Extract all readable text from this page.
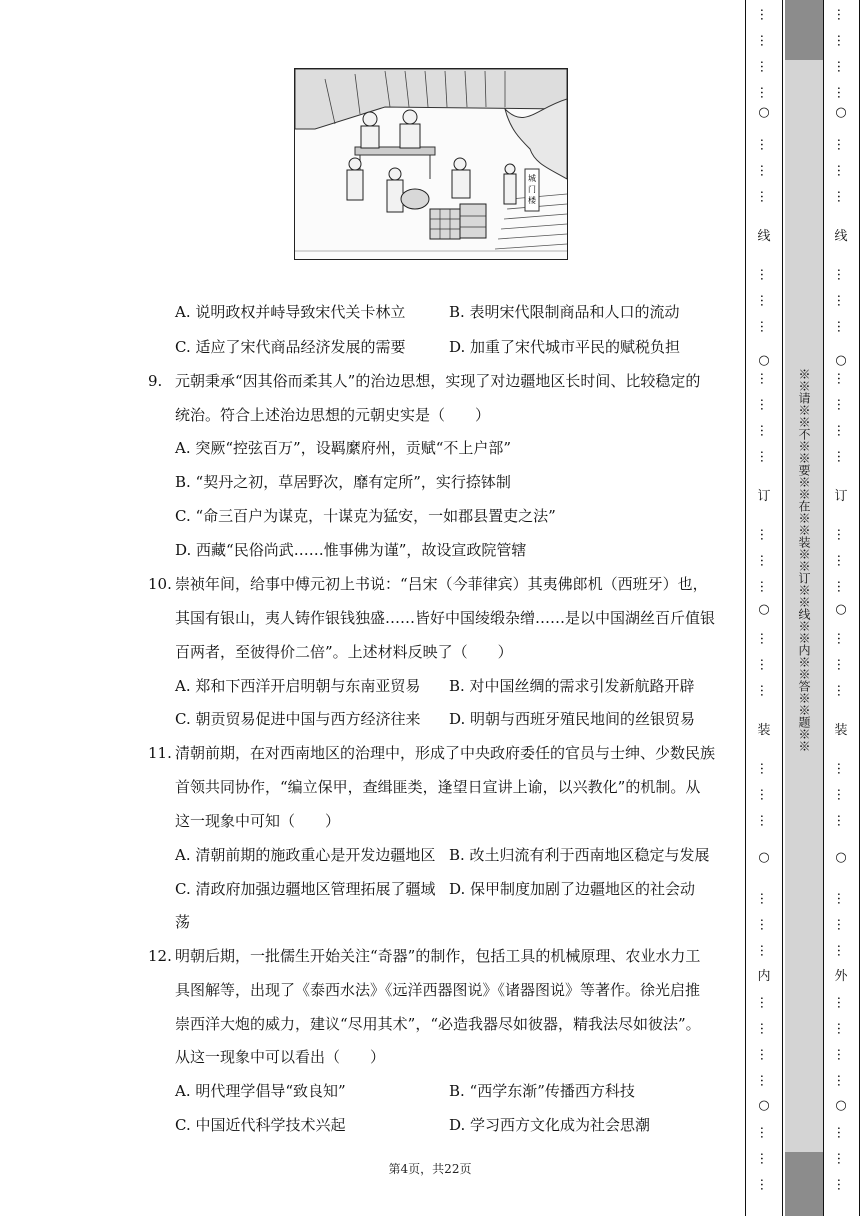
城门楼
A. 说明政权并峙导致宋代关卡林立	B. 表明宋代限制商品和人口的流动
C. 适应了宋代商品经济发展的需要	D. 加重了宋代城市平民的赋税负担
9. 元朝秉承“因其俗而柔其人”的治边思想，实现了对边疆地区长时间、比较稳定的
统治。符合上述治边思想的元朝史实是（　　）
A. 突厥“控弦百万”，设羁縻府州，贡赋“不上户部”
B. “契丹之初，草居野次，靡有定所”，实行捺钵制
C. “命三百户为谋克，十谋克为猛安，一如郡县置吏之法”
D. 西藏“民俗尚武……惟事佛为谨”，故设宣政院管辖
10. 崇祯年间，给事中傅元初上书说：“吕宋（今菲律宾）其夷佛郎机（西班牙）也，
其国有银山，夷人铸作银钱独盛……皆好中国绫缎杂缯……是以中国湖丝百斤值银
百两者，至彼得价二倍”。上述材料反映了（　　）
A. 郑和下西洋开启明朝与东南亚贸易 B. 对中国丝绸的需求引发新航路开辟
C. 朝贡贸易促进中国与西方经济往来 D. 明朝与西班牙殖民地间的丝银贸易
11. 清朝前期，在对西南地区的治理中，形成了中央政府委任的官员与士绅、少数民族
首领共同协作，“编立保甲，查缉匪类，逢望日宣讲上谕，以兴教化”的机制。从
这一现象中可知（　　）
A. 清朝前期的施政重心是开发边疆地区 B. 改土归流有利于西南地区稳定与发展
C. 清政府加强边疆地区管理拓展了疆域 D. 保甲制度加剧了边疆地区的社会动
荡
12. 明朝后期，一批儒生开始关注“奇器”的制作，包括工具的机械原理、农业水力工
具图解等，出现了《泰西水法》《远洋西器图说》《诸器图说》等著作。徐光启推
崇西洋大炮的威力，建议“尽用其术”，“必造我器尽如彼器，精我法尽如彼法”。
从这一现象中可以看出（　　）
A. 明代理学倡导“致良知”	B. “西学东渐”传播西方科技
C. 中国近代科学技术兴起	D. 学习西方文化成为社会思潮
第4页，共22页
※※请※※不※※要※※在※※装※※订※※线※※内※※答※※题※※
○
线
○
订
○
装
○
内
○
○
线
○
订
○
装
○
外
○
…
…
…
…
…
…
…
…
…
…
…
…
…
…
…
…
…
…
…
…
…
…
…
…
…
…
…
…
…
…
…
…
…
…
…
…
…
…
…
…
…
…
…
…
…
…
…
…
…
…
…
…
…
…
…
…
…
…
…
…
…
…
…
…
…
…
